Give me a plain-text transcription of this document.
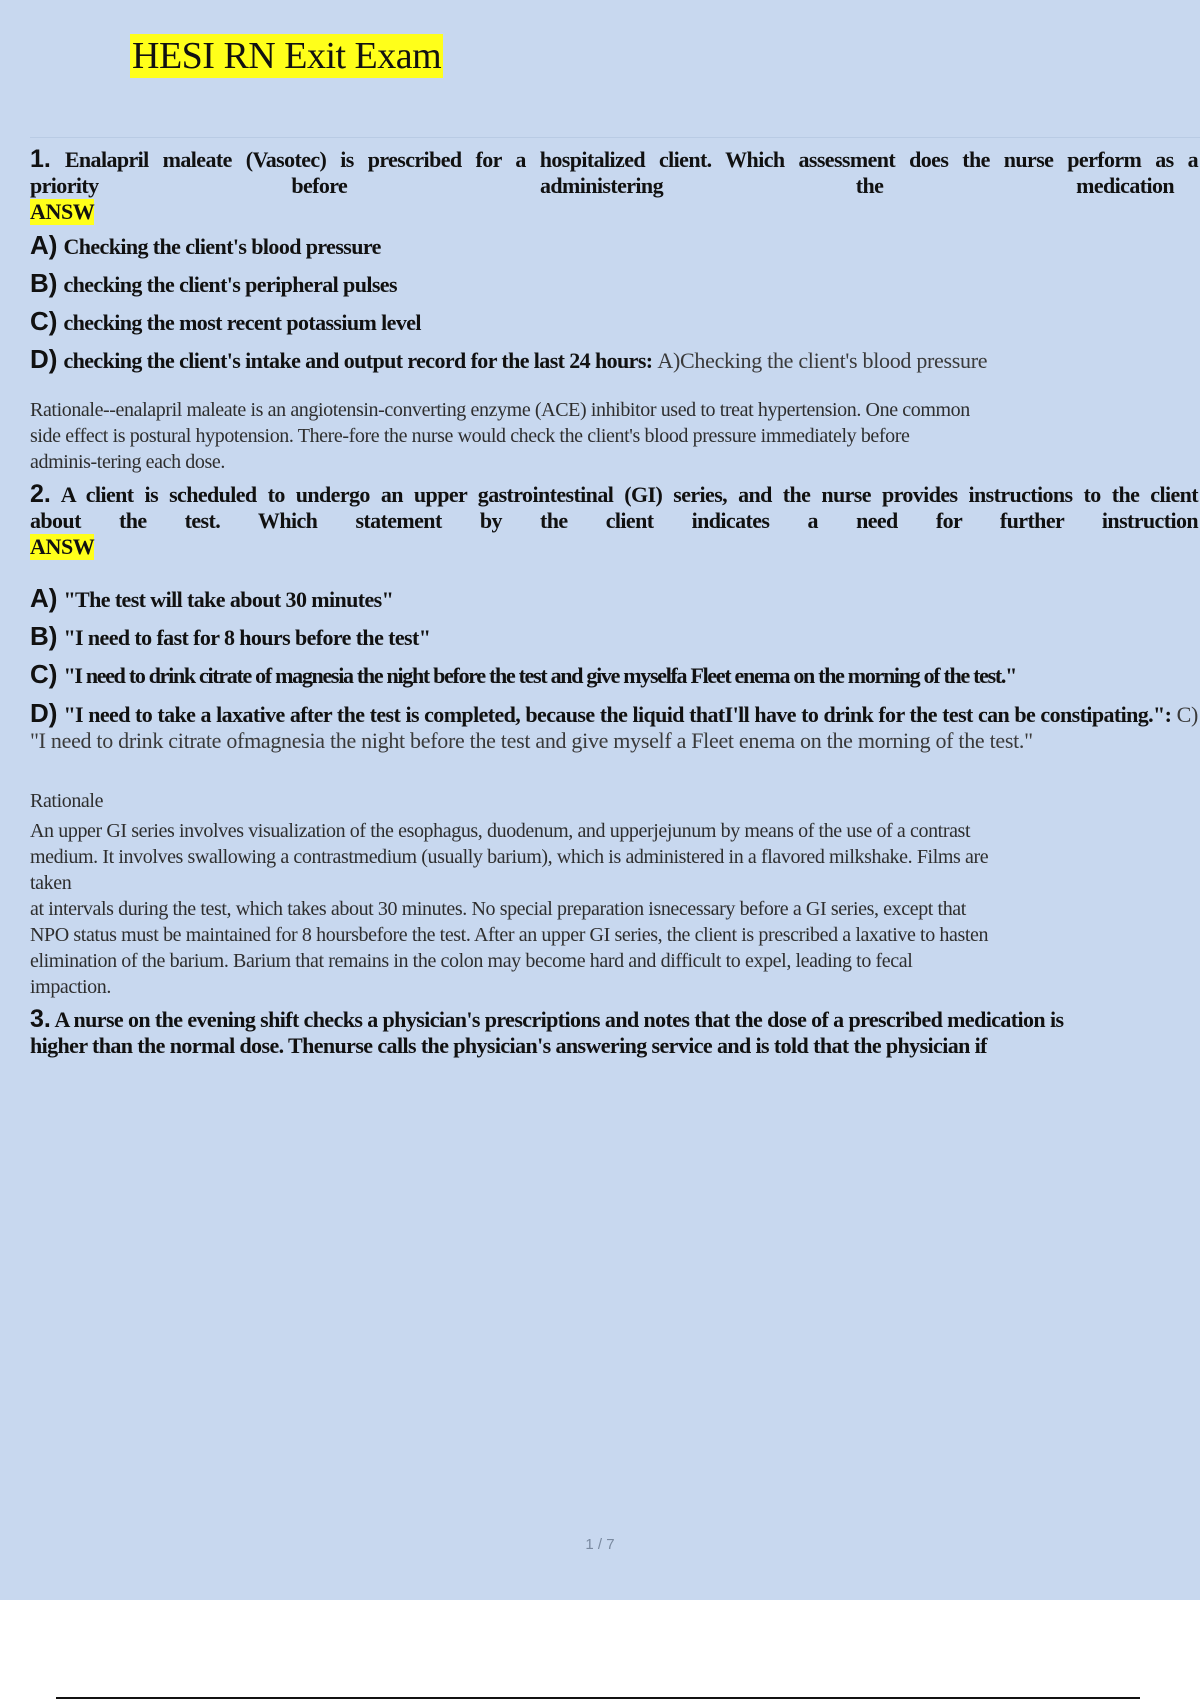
HESI RN Exit Exam

1. Enalapril maleate (Vasotec) is prescribed for a hospitalized client. Which assessment does the nurse perform as a

priority before administering the medication

ANSW

A) Checking the client's blood pressure

B) checking the client's peripheral pulses

C) checking the most recent potassium level

D) checking the client's intake and output record for the last 24 hours: A)Checking the client's blood pressure

Rationale--enalapril maleate is an angiotensin-converting enzyme (ACE) inhibitor used to treat hypertension. One common

side effect is postural hypotension. There-fore the nurse would check the client's blood pressure immediately before

adminis-tering each dose.

2. A client is scheduled to undergo an upper gastrointestinal (GI) series, and the nurse provides instructions to the client

about the test. Which statement by the client indicates a need for further instruction

ANSW

A) "The test will take about 30 minutes"

B) "I need to fast for 8 hours before the test"

C) "I need to drink citrate of magnesia the night before the test and give myselfa Fleet enema on the morning of the test."

D) "I need to take a laxative after the test is completed, because the liquid thatI'll have to drink for the test can be constipating.": C) "I need to drink citrate ofmagnesia the night before the test and give myself a Fleet enema on the morning of the test."

Rationale

An upper GI series involves visualization of the esophagus, duodenum, and upperjejunum by means of the use of a contrast

medium. It involves swallowing a contrastmedium (usually barium), which is administered in a flavored milkshake. Films are

taken

at intervals during the test, which takes about 30 minutes. No special preparation isnecessary before a GI series, except that

NPO status must be maintained for 8 hoursbefore the test. After an upper GI series, the client is prescribed a laxative to hasten

elimination of the barium. Barium that remains in the colon may become hard and difficult to expel, leading to fecal

impaction.

3. A nurse on the evening shift checks a physician's prescriptions and notes that the dose of a prescribed medication is

higher than the normal dose. Thenurse calls the physician's answering service and is told that the physician if

1 / 7
